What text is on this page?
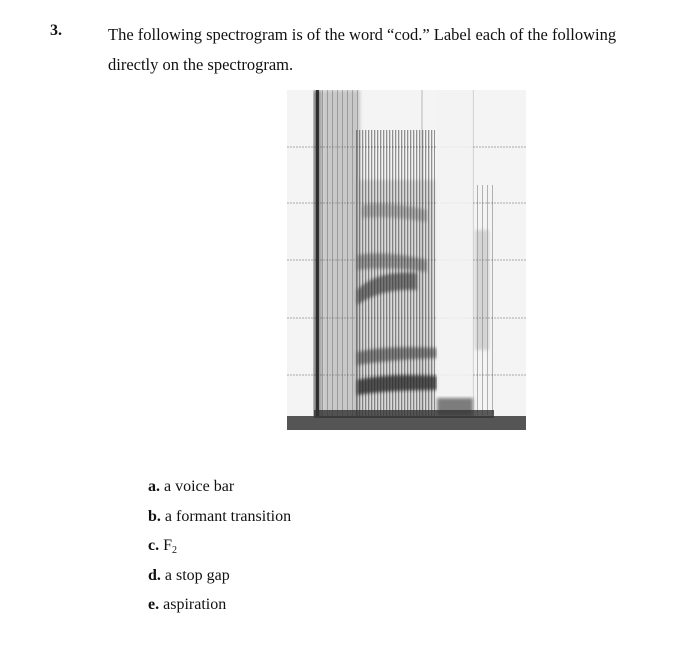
3.	The following spectrogram is of the word “cod.” Label each of the following directly on the spectrogram.
a. a voice bar
b. a formant transition
c. $F_2$
d. a stop gap
e. aspiration
